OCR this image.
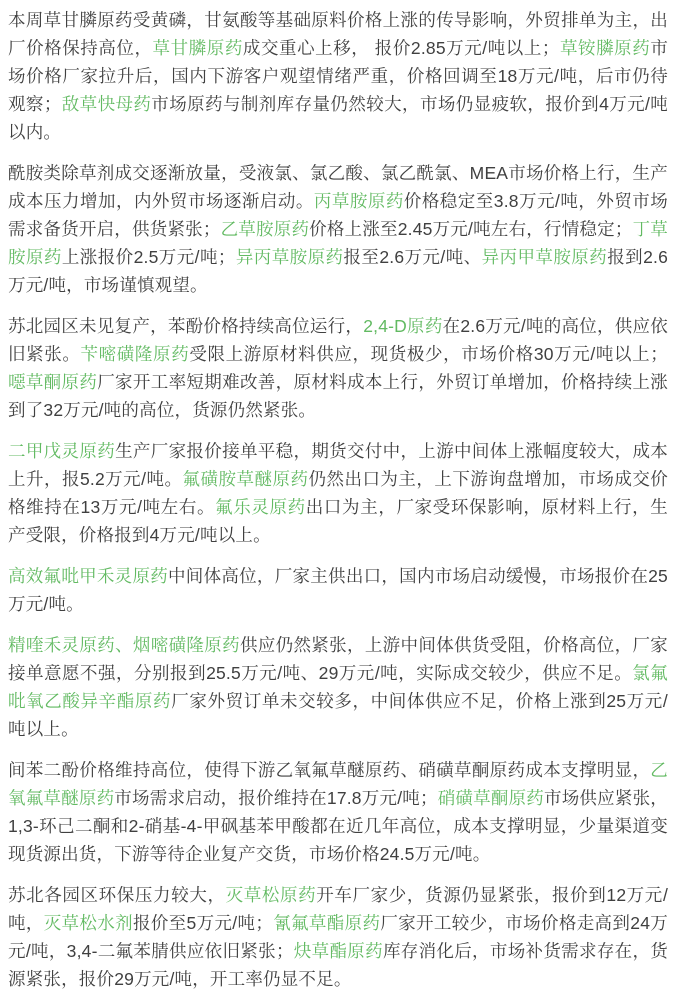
本周草甘膦原药受黄磷，甘氨酸等基础原料价格上涨的传导影响，外贸排单为主，出厂价格保持高位，草甘膦原药成交重心上移， 报价2.85万元/吨以上；草铵膦原药市场价格厂家拉升后，国内下游客户观望情绪严重，价格回调至18万元/吨，后市仍待观察；敌草快母药市场原药与制剂库存量仍然较大，市场仍显疲软，报价到4万元/吨以内。

酰胺类除草剂成交逐渐放量，受液氯、氯乙酸、氯乙酰氯、MEA市场价格上行，生产成本压力增加，内外贸市场逐渐启动。丙草胺原药价格稳定至3.8万元/吨，外贸市场需求备货开启，供货紧张；乙草胺原药价格上涨至2.45万元/吨左右，行情稳定；丁草胺原药上涨报价2.5万元/吨；异丙草胺原药报至2.6万元/吨、异丙甲草胺原药报到2.6万元/吨，市场谨慎观望。

苏北园区未见复产，苯酚价格持续高位运行，2,4-D原药在2.6万元/吨的高位，供应依旧紧张。苄嘧磺隆原药受限上游原材料供应，现货极少，市场价格30万元/吨以上；噁草酮原药厂家开工率短期难改善，原材料成本上行，外贸订单增加，价格持续上涨到了32万元/吨的高位，货源仍然紧张。

二甲戊灵原药生产厂家报价接单平稳，期货交付中，上游中间体上涨幅度较大，成本上升，报5.2万元/吨。氟磺胺草醚原药仍然出口为主，上下游询盘增加，市场成交价格维持在13万元/吨左右。氟乐灵原药出口为主，厂家受环保影响，原材料上行，生产受限，价格报到4万元/吨以上。

高效氟吡甲禾灵原药中间体高位，厂家主供出口，国内市场启动缓慢，市场报价在25万元/吨。

精喹禾灵原药、烟嘧磺隆原药供应仍然紧张，上游中间体供货受阻，价格高位，厂家接单意愿不强，分别报到25.5万元/吨、29万元/吨，实际成交较少，供应不足。氯氟吡氧乙酸异辛酯原药厂家外贸订单未交较多，中间体供应不足，价格上涨到25万元/吨以上。

间苯二酚价格维持高位，使得下游乙氧氟草醚原药、硝磺草酮原药成本支撑明显，乙氧氟草醚原药市场需求启动，报价维持在17.8万元/吨；硝磺草酮原药市场供应紧张， 1,3-环己二酮和2-硝基-4-甲砜基苯甲酸都在近几年高位，成本支撑明显，少量渠道变现货源出货，下游等待企业复产交货，市场价格24.5万元/吨。

苏北各园区环保压力较大，灭草松原药开车厂家少，货源仍显紧张，报价到12万元/吨，灭草松水剂报价至5万元/吨；氰氟草酯原药厂家开工较少，市场价格走高到24万元/吨，3,4-二氟苯腈供应依旧紧张；炔草酯原药库存消化后，市场补货需求存在，货源紧张，报价29万元/吨，开工率仍显不足。
